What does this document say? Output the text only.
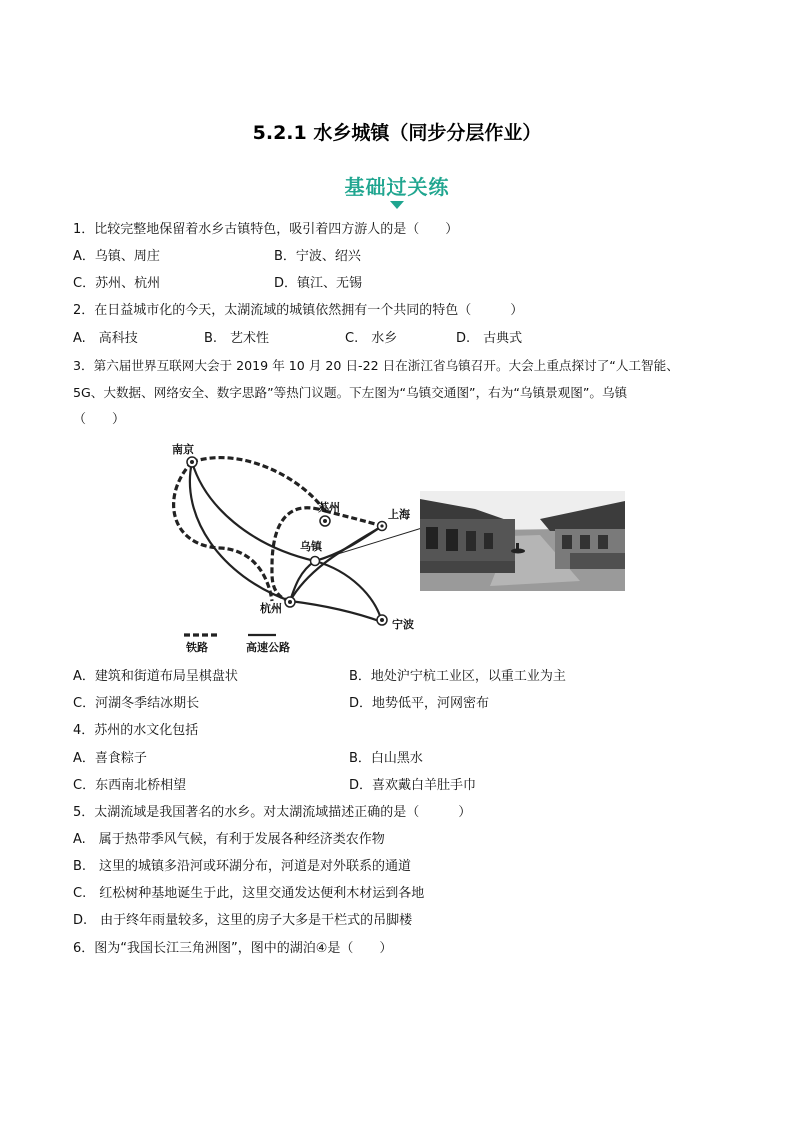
5.2.1 水乡城镇（同步分层作业）
基础过关练
1．比较完整地保留着水乡古镇特色，吸引着四方游人的是（　　）
A．乌镇、周庄	B．宁波、绍兴
C．苏州、杭州	D．镇江、无锡
2．在日益城市化的今天，太湖流域的城镇依然拥有一个共同的特色（　　　）
A.　高科技	B.　艺术性	C.　水乡	D.　古典式
3．第六届世界互联网大会于 2019 年 10 月 20 日-22 日在浙江省乌镇召开。大会上重点探讨了“人工智能、
5G、大数据、网络安全、数字思路”等热门议题。下左图为“乌镇交通图”，右为“乌镇景观图”。乌镇
（　　）
南京
苏州
上海
乌镇
杭州
宁波
铁路	高速公路
A．建筑和街道布局呈棋盘状	B．地处沪宁杭工业区，以重工业为主
C．河湖冬季结冰期长	D．地势低平，河网密布
4．苏州的水文化包括
A．喜食粽子	B．白山黑水
C．东西南北桥相望	D．喜欢戴白羊肚手巾
5．太湖流域是我国著名的水乡。对太湖流域描述正确的是（　　　）
A.　属于热带季风气候，有利于发展各种经济类农作物
B.　这里的城镇多沿河或环湖分布，河道是对外联系的通道
C.　红松树种基地诞生于此，这里交通发达便利木材运到各地
D.　由于终年雨量较多，这里的房子大多是干栏式的吊脚楼
6．图为“我国长江三角洲图”，图中的湖泊④是（　　）
